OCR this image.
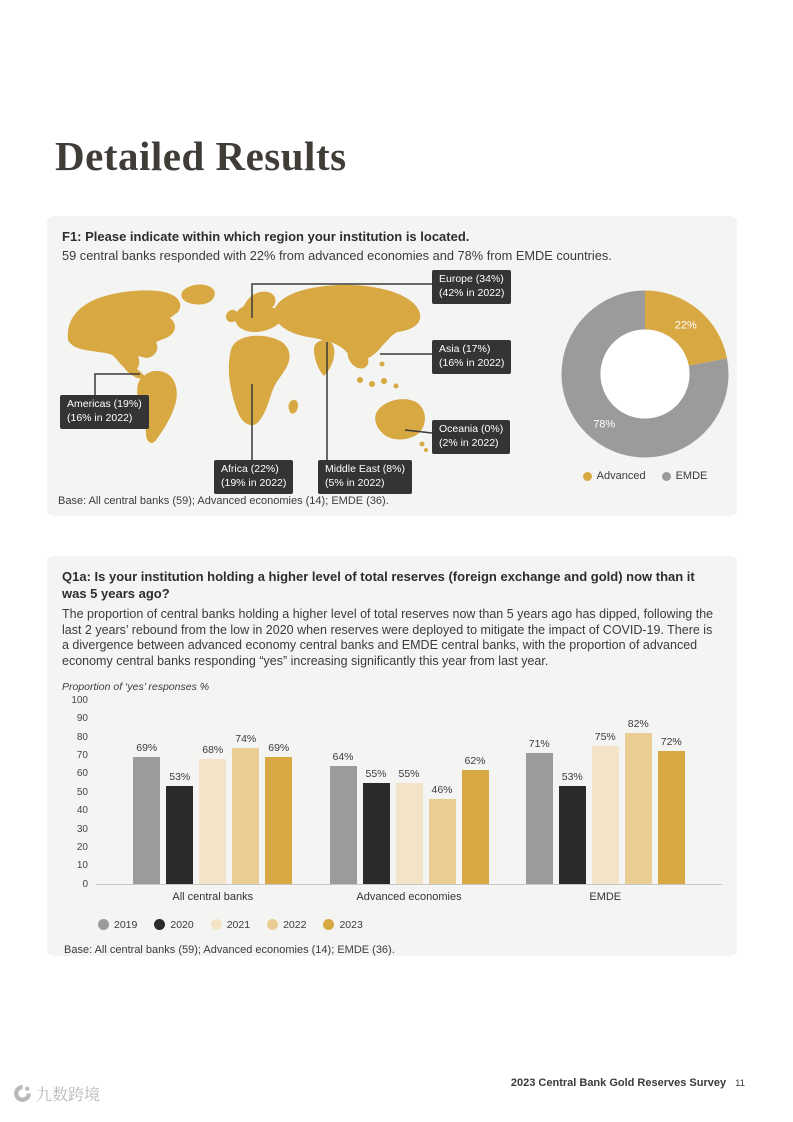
Detailed Results
F1: Please indicate within which region your institution is located.
59 central banks responded with 22% from advanced economies and 78% from EMDE countries.
Europe (34%)
(42% in 2022)
Asia (17%)
(16% in 2022)
Americas (19%)
(16% in 2022)
Africa (22%)
(19% in 2022)
Middle East (8%)
(5% in 2022)
Oceania (0%)
(2% in 2022)
22%
78%
Advanced	EMDE
Base: All central banks (59); Advanced economies (14); EMDE (36).
Q1a: Is your institution holding a higher level of total reserves (foreign exchange and gold) now than it was 5 years ago?
The proportion of central banks holding a higher level of total reserves now than 5 years ago has dipped, following the last 2 years’ rebound from the low in 2020 when reserves were deployed to mitigate the impact of COVID-19. There is a divergence between advanced economy central banks and EMDE central banks, with the proportion of advanced economy central banks responding “yes” increasing significantly this year from last year.
Proportion of ‘yes’ responses %
0
10
20
30
40
50
60
70
80
90
100
69%
53%
68%
74%
69%
64%
55%	55%
46%
62%
71%
53%
75%
82%
72%
All central banks	Advanced economies	EMDE
2019	2020	2021	2022	2023
Base: All central banks (59); Advanced economies (14); EMDE (36).
2023 Central Bank Gold Reserves Survey 11
九数跨境
